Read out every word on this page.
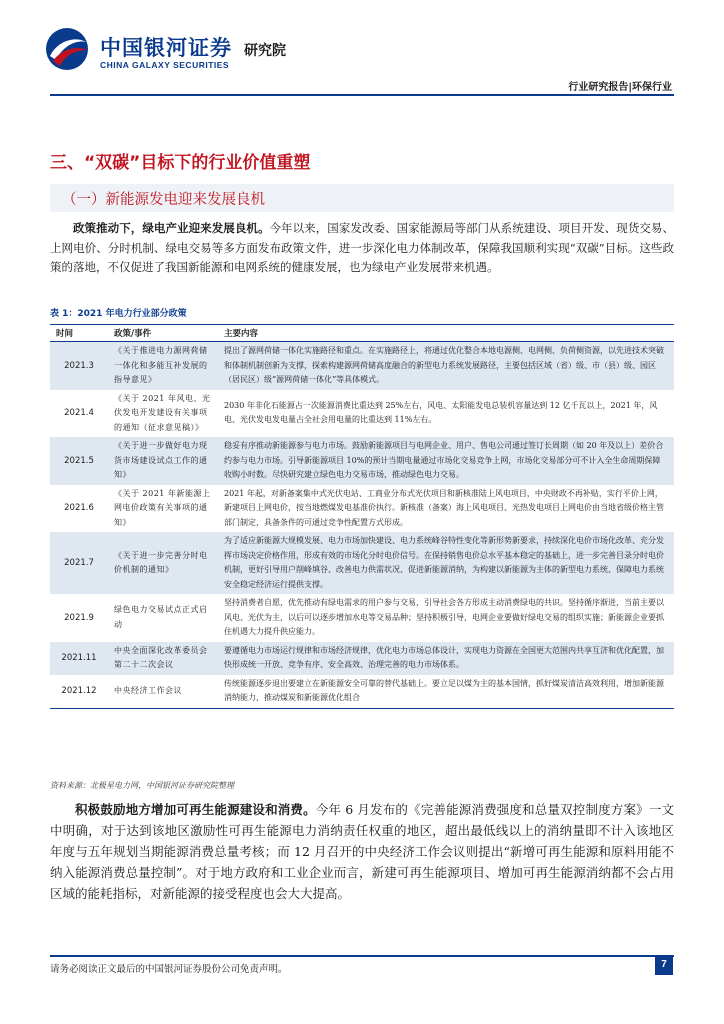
中国银河证券 研究院
CHINA GALAXY SECURITIES
行业研究报告|环保行业
三、“双碳”目标下的行业价值重塑
（一）新能源发电迎来发展良机
政策推动下，绿电产业迎来发展良机。今年以来，国家发改委、国家能源局等部门从系统建设、项目开发、现货交易、上网电价、分时机制、绿电交易等多方面发布政策文件，进一步深化电力体制改革，保障我国顺利实现“双碳”目标。这些政策的落地，不仅促进了我国新能源和电网系统的健康发展，也为绿电产业发展带来机遇。
表 1：2021 年电力行业部分政策
时间	政策/事件	主要内容
2021.3	《关于推进电力源网荷储一体化和多能互补发展的指导意见》	提出了源网荷储一体化实施路径和重点。在实施路径上，将通过优化整合本地电源侧、电网侧、负荷侧资源，以先进技术突破和体制机制创新为支撑，探索构建源网荷储高度融合的新型电力系统发展路径，主要包括区域（省）级、市（县）级、园区（居民区）级“源网荷储一体化”等具体模式。
2021.4	《关于 2021 年风电、光伏发电开发建设有关事项的通知（征求意见稿）》	2030 年非化石能源占一次能源消费比重达到 25%左右，风电、太阳能发电总装机容量达到 12 亿千瓦以上，2021 年，风电、光伏发电发电量占全社会用电量的比重达到 11%左右。
2021.5	《关于进一步做好电力现货市场建设试点工作的通知》	稳妥有序推动新能源参与电力市场。鼓励新能源项目与电网企业、用户、售电公司通过签订长周期（如 20 年及以上）差价合约参与电力市场。引导新能源项目 10%的预计当期电量通过市场化交易竞争上网，市场化交易部分可不计入全生命周期保障收购小时数。尽快研究建立绿色电力交易市场，推动绿色电力交易。
2021.6	《关于 2021 年新能源上网电价政策有关事项的通知》	2021 年起，对新备案集中式光伏电站、工商业分布式光伏项目和新核准陆上风电项目，中央财政不再补贴，实行平价上网，新建项目上网电价，按当地燃煤发电基准价执行。新核准（备案）海上风电项目、光热发电项目上网电价由当地省级价格主管部门制定，具备条件的可通过竞争性配置方式形成。
2021.7	《关于进一步完善分时电价机制的通知》	为了适应新能源大规模发展、电力市场加快建设、电力系统峰谷特性变化等新形势新要求，持续深化电价市场化改革、充分发挥市场决定价格作用，形成有效的市场化分时电价信号。在保持销售电价总水平基本稳定的基础上，进一步完善目录分时电价机制，更好引导用户削峰填谷、改善电力供需状况、促进新能源消纳，为构建以新能源为主体的新型电力系统、保障电力系统安全稳定经济运行提供支撑。
2021.9	绿色电力交易试点正式启动	坚持消费者自愿，优先推动有绿电需求的用户参与交易，引导社会各方形成主动消费绿电的共识。坚持循序渐进，当前主要以风电、光伏为主，以后可以逐步增加水电等交易品种；坚持积极引导，电网企业要做好绿电交易的组织实施；新能源企业要抓住机遇大力提升供应能力。
2021.11	中央全面深化改革委员会第二十二次会议	要遵循电力市场运行规律和市场经济规律，优化电力市场总体设计，实现电力资源在全国更大范围内共享互济和优化配置，加快形成统一开放、竞争有序、安全高效、治理完善的电力市场体系。
2021.12	中央经济工作会议	传统能源逐步退出要建立在新能源安全可靠的替代基础上。要立足以煤为主的基本国情，抓好煤炭清洁高效利用，增加新能源消纳能力，推动煤炭和新能源优化组合
资料来源：北极星电力网，中国银河证券研究院整理
积极鼓励地方增加可再生能源建设和消费。今年 6 月发布的《完善能源消费强度和总量双控制度方案》一文中明确，对于达到该地区激励性可再生能源电力消纳责任权重的地区，超出最低线以上的消纳量即不计入该地区年度与五年规划当期能源消费总量考核；而 12 月召开的中央经济工作会议则提出“新增可再生能源和原料用能不纳入能源消费总量控制”。对于地方政府和工业企业而言，新建可再生能源项目、增加可再生能源消纳都不会占用区域的能耗指标，对新能源的接受程度也会大大提高。
请务必阅读正文最后的中国银河证券股份公司免责声明。	7
